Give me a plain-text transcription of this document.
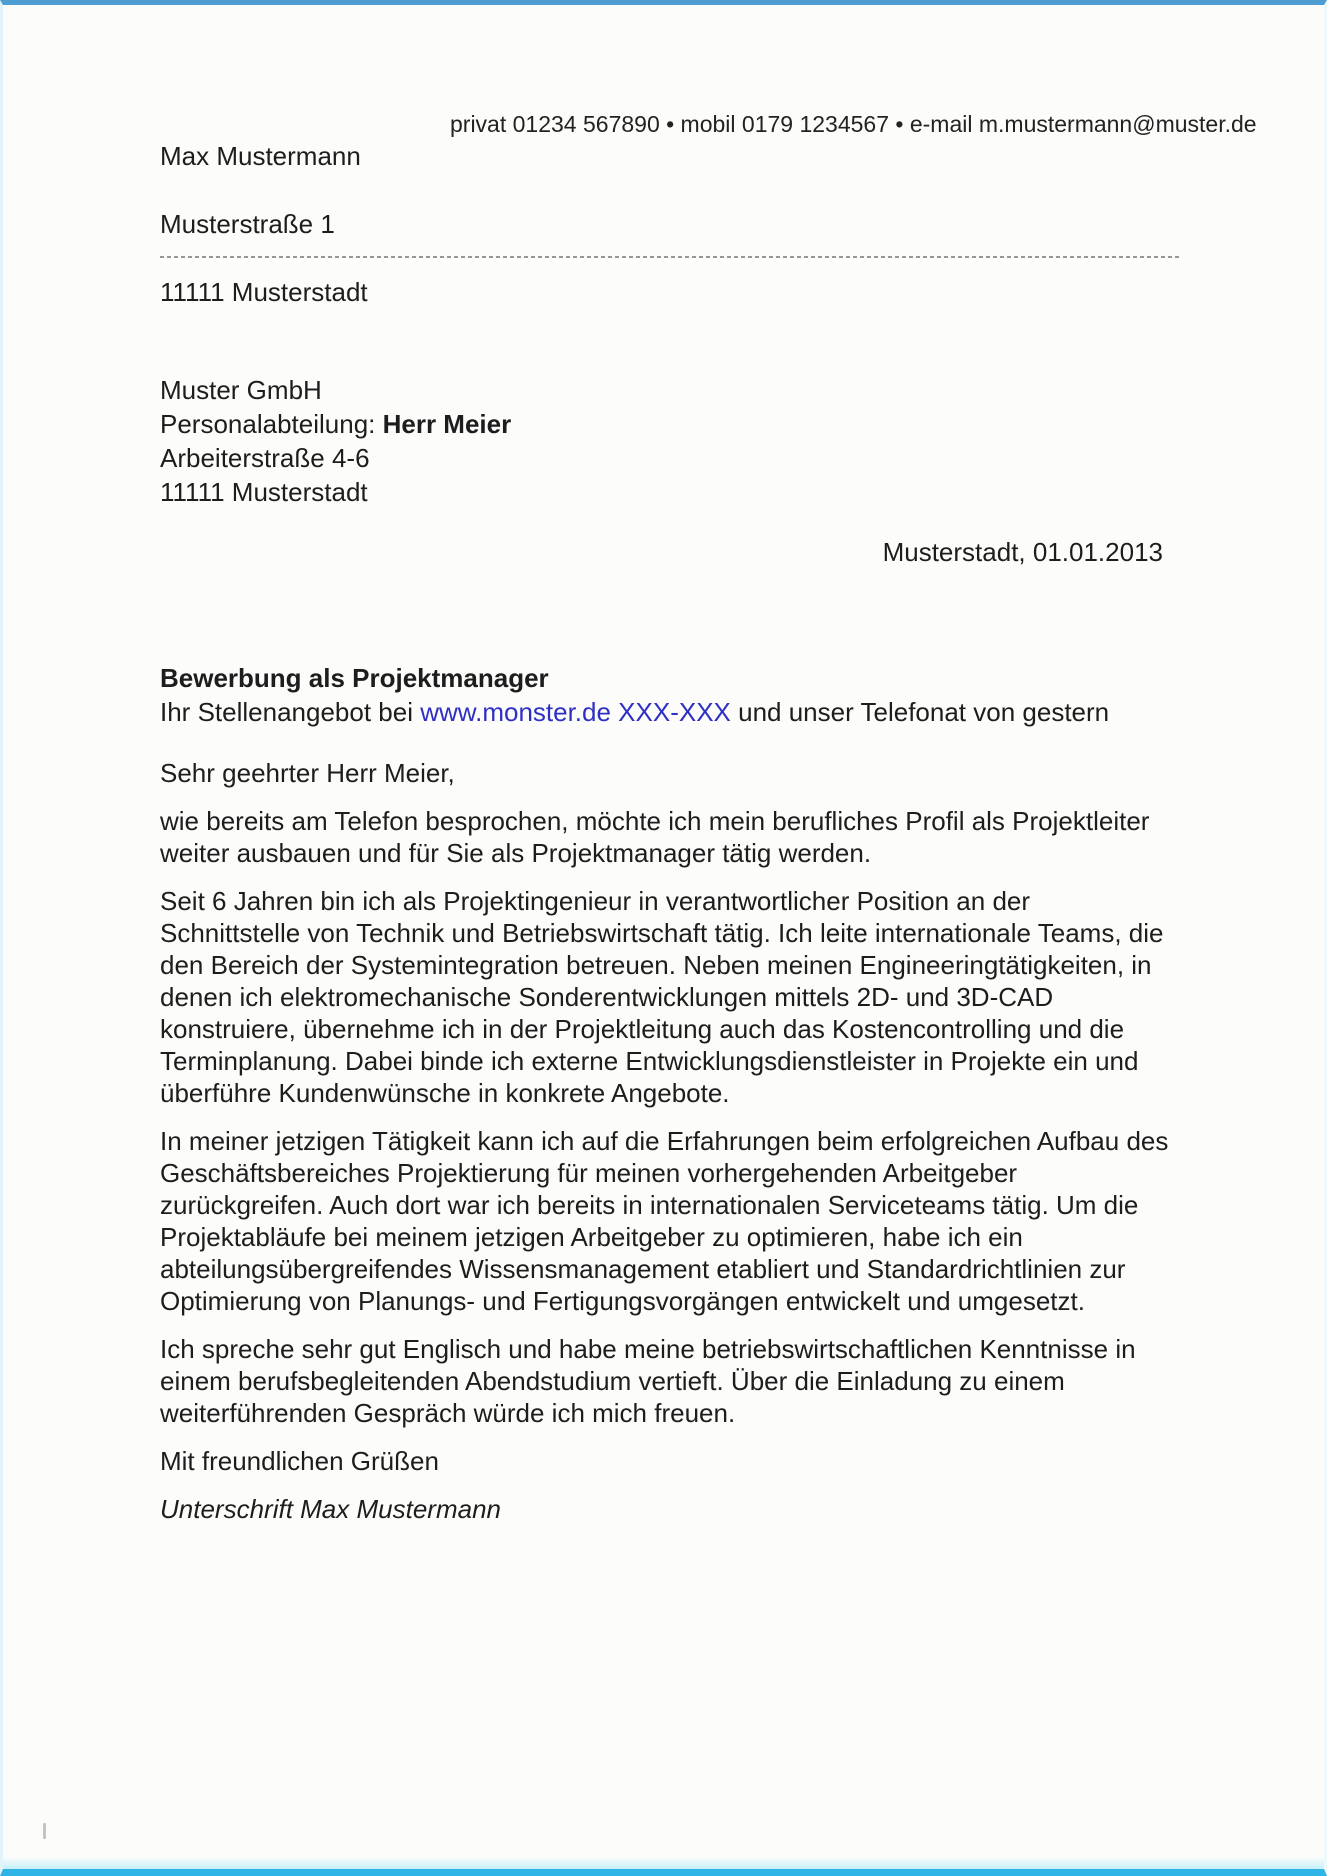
Max Mustermann

Musterstraße 1

11111 Musterstadt

privat 01234 567890 • mobil 0179 1234567 • e-mail m.mustermann@muster.de
Muster GmbH
Personalabteilung: Herr Meier
Arbeiterstraße 4-6
11111 Musterstadt
Musterstadt, 01.01.2013
Bewerbung als Projektmanager
Ihr Stellenangebot bei www.monster.de XXX-XXX und unser Telefonat von gestern

Sehr geehrter Herr Meier,

wie bereits am Telefon besprochen, möchte ich mein berufliches Profil als Projektleiter weiter ausbauen und für Sie als Projektmanager tätig werden.

Seit 6 Jahren bin ich als Projektingenieur in verantwortlicher Position an der Schnittstelle von Technik und Betriebswirtschaft tätig. Ich leite internationale Teams, die den Bereich der Systemintegration betreuen. Neben meinen Engineeringtätigkeiten, in denen ich elektromechanische Sonderentwicklungen mittels 2D- und 3D-CAD konstruiere, übernehme ich in der Projektleitung auch das Kostencontrolling und die Terminplanung. Dabei binde ich externe Entwicklungsdienstleister in Projekte ein und überführe Kundenwünsche in konkrete Angebote.

In meiner jetzigen Tätigkeit kann ich auf die Erfahrungen beim erfolgreichen Aufbau des Geschäftsbereiches Projektierung für meinen vorhergehenden Arbeitgeber zurückgreifen. Auch dort war ich bereits in internationalen Serviceteams tätig. Um die Projektabläufe bei meinem jetzigen Arbeitgeber zu optimieren, habe ich ein abteilungsübergreifendes Wissensmanagement etabliert und Standardrichtlinien zur Optimierung von Planungs- und Fertigungsvorgängen entwickelt und umgesetzt.

Ich spreche sehr gut Englisch und habe meine betriebswirtschaftlichen Kenntnisse in einem berufsbegleitenden Abendstudium vertieft. Über die Einladung zu einem weiterführenden Gespräch würde ich mich freuen.

Mit freundlichen Grüßen

Unterschrift Max Mustermann
